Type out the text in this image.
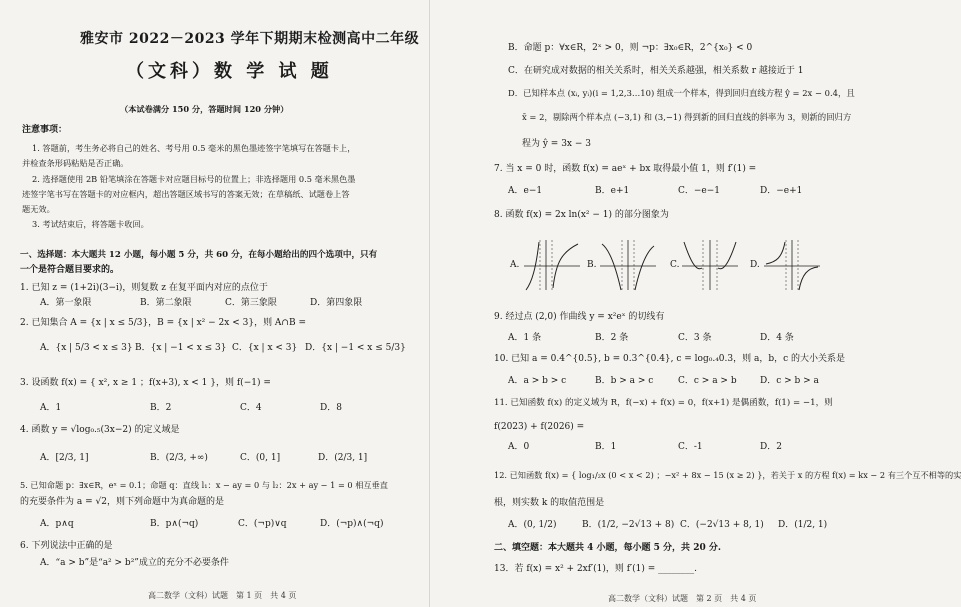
雅安市 2022－2023 学年下期期末检测高中二年级
（文科）数 学 试 题
（本试卷满分 150 分，答题时间 120 分钟）
注意事项：
1. 答题前，考生务必将自己的姓名、考号用 0.5 毫米的黑色墨迹签字笔填写在答题卡上，
并检查条形码粘贴是否正确。
2. 选择题使用 2B 铅笔填涂在答题卡对应题目标号的位置上；非选择题用 0.5 毫米黑色墨
迹签字笔书写在答题卡的对应框内，超出答题区域书写的答案无效；在草稿纸、试题卷上答
题无效。
3. 考试结束后，将答题卡收回。
一、选择题：本大题共 12 小题，每小题 5 分，共 60 分，在每小题给出的四个选项中，只有
一个是符合题目要求的。
1. 已知 z = (1+2i)(3−i)，则复数 z 在复平面内对应的点位于
A．第一象限	B．第二象限	C．第三象限	D．第四象限
2. 已知集合 A = {x | x ≤ 5/3}，B = {x | x² − 2x < 3}，则 A∩B =
A．{x | 5/3 < x ≤ 3} B．{x | −1 < x ≤ 3} C．{x | x < 3} D．{x | −1 < x ≤ 5/3}
3. 设函数 f(x) = { x², x ≥ 1 ；f(x+3), x < 1 }，则 f(−1) =
A．1	B．2	C．4	D．8
4. 函数 y = √log₀.₅(3x−2) 的定义域是
A．[2/3, 1]	B．(2/3, +∞)	C．(0, 1]	D．(2/3, 1]
5. 已知命题 p：∃x∈R，eˣ = 0.1；命题 q：直线 l₁：x − ay = 0 与 l₂：2x + ay − 1 = 0 相互垂直
的充要条件为 a = √2，则下列命题中为真命题的是
A．p∧q	B．p∧(¬q)	C．(¬p)∨q	D．(¬p)∧(¬q)
6. 下列说法中正确的是
A．“a > b”是“a² > b²”成立的充分不必要条件
高二数学（文科）试题　第 1 页　共 4 页
B．命题 p：∀x∈R，2ˣ > 0，则 ¬p：∃x₀∈R，2^{x₀} < 0
C．在研究成对数据的相关关系时，相关关系越强，相关系数 r 越接近于 1
D．已知样本点 (xᵢ, yᵢ)(i = 1,2,3…10) 组成一个样本，得到回归直线方程 ŷ = 2x − 0.4，且
x̄ = 2，剔除两个样本点 (−3,1) 和 (3,−1) 得到新的回归直线的斜率为 3，则新的回归方
程为 ŷ = 3x − 3
7. 当 x = 0 时，函数 f(x) = aeˣ + bx 取得最小值 1，则 f′(1) =
A．e−1	B．e+1	C．−e−1	D．−e+1
8. 函数 f(x) = 2x ln(x² − 1) 的部分图象为
A.	B.	C.	D.
9. 经过点 (2,0) 作曲线 y = x²eˣ 的切线有
A．1 条	B．2 条	C．3 条	D．4 条
10. 已知 a = 0.4^{0.5}, b = 0.3^{0.4}, c = log₀.₄0.3，则 a，b，c 的大小关系是
A．a > b > c	B．b > a > c	C．c > a > b	D．c > b > a
11. 已知函数 f(x) 的定义域为 R，f(−x) + f(x) = 0，f(x+1) 是偶函数，f(1) = −1，则
f(2023) + f(2026) =
A．0	B．1	C．-1	D．2
12. 已知函数 f(x) = { log₁/₂x (0 < x < 2) ；−x² + 8x − 15 (x ≥ 2) }，若关于 x 的方程 f(x) = kx − 2 有三个互不相等的实
根，则实数 k 的取值范围是
A．(0, 1/2)	B．(1/2, −2√13 + 8) C．(−2√13 + 8, 1) D．(1/2, 1)
二、填空题：本大题共 4 小题，每小题 5 分，共 20 分.
13．若 f(x) = x² + 2xf′(1)，则 f′(1) = ________.
高二数学（文科）试题　第 2 页　共 4 页
